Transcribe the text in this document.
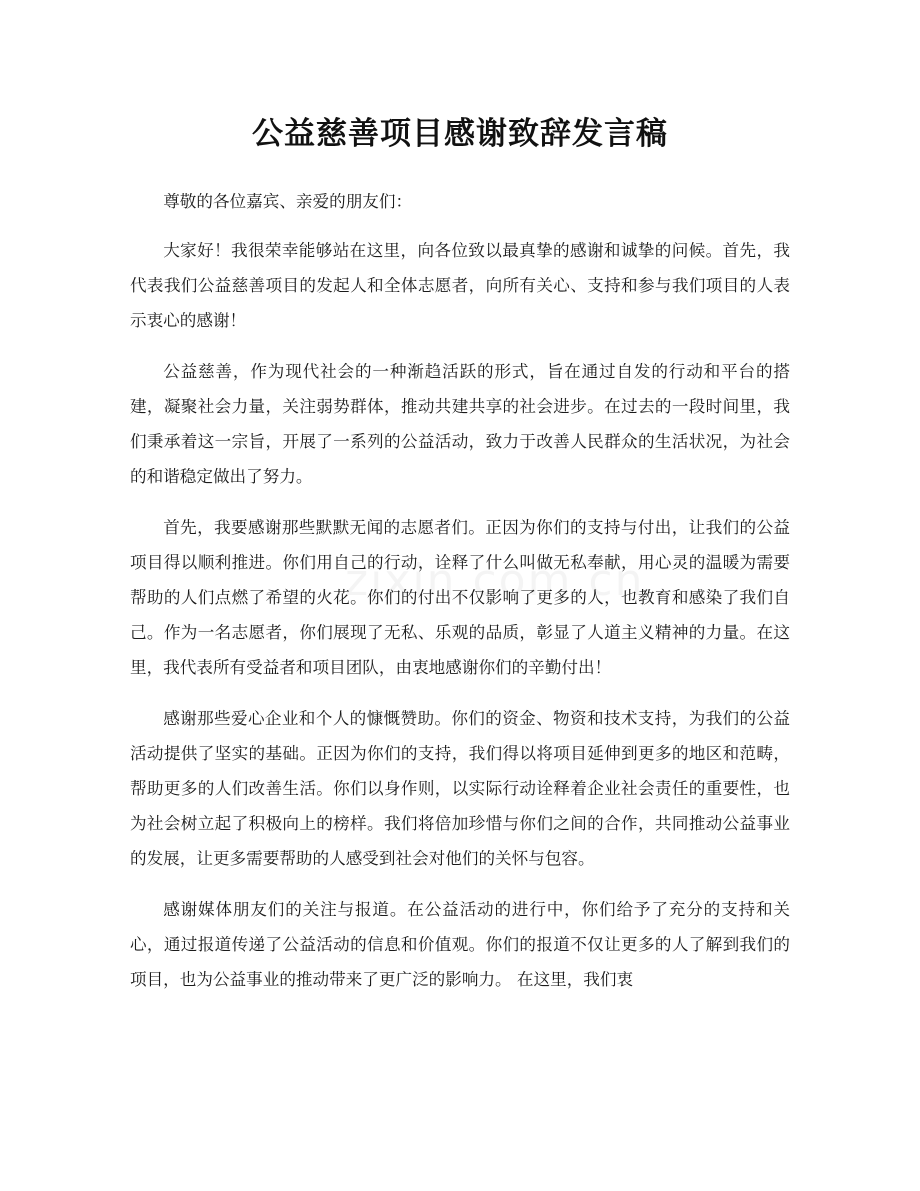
公益慈善项目感谢致辞发言稿

尊敬的各位嘉宾、亲爱的朋友们：

大家好！我很荣幸能够站在这里，向各位致以最真挚的感谢和诚挚的问候。首先，我代表我们公益慈善项目的发起人和全体志愿者，向所有关心、支持和参与我们项目的人表示衷心的感谢！

公益慈善，作为现代社会的一种渐趋活跃的形式，旨在通过自发的行动和平台的搭建，凝聚社会力量，关注弱势群体，推动共建共享的社会进步。在过去的一段时间里，我们秉承着这一宗旨，开展了一系列的公益活动，致力于改善人民群众的生活状况，为社会的和谐稳定做出了努力。

首先，我要感谢那些默默无闻的志愿者们。正因为你们的支持与付出，让我们的公益项目得以顺利推进。你们用自己的行动，诠释了什么叫做无私奉献，用心灵的温暖为需要帮助的人们点燃了希望的火花。你们的付出不仅影响了更多的人，也教育和感染了我们自己。作为一名志愿者，你们展现了无私、乐观的品质，彰显了人道主义精神的力量。在这里，我代表所有受益者和项目团队，由衷地感谢你们的辛勤付出！

感谢那些爱心企业和个人的慷慨赞助。你们的资金、物资和技术支持，为我们的公益活动提供了坚实的基础。正因为你们的支持，我们得以将项目延伸到更多的地区和范畴，帮助更多的人们改善生活。你们以身作则，以实际行动诠释着企业社会责任的重要性，也为社会树立起了积极向上的榜样。我们将倍加珍惜与你们之间的合作，共同推动公益事业的发展，让更多需要帮助的人感受到社会对他们的关怀与包容。

感谢媒体朋友们的关注与报道。在公益活动的进行中，你们给予了充分的支持和关心，通过报道传递了公益活动的信息和价值观。你们的报道不仅让更多的人了解到我们的项目，也为公益事业的推动带来了更广泛的影响力。 在这里，我们衷
